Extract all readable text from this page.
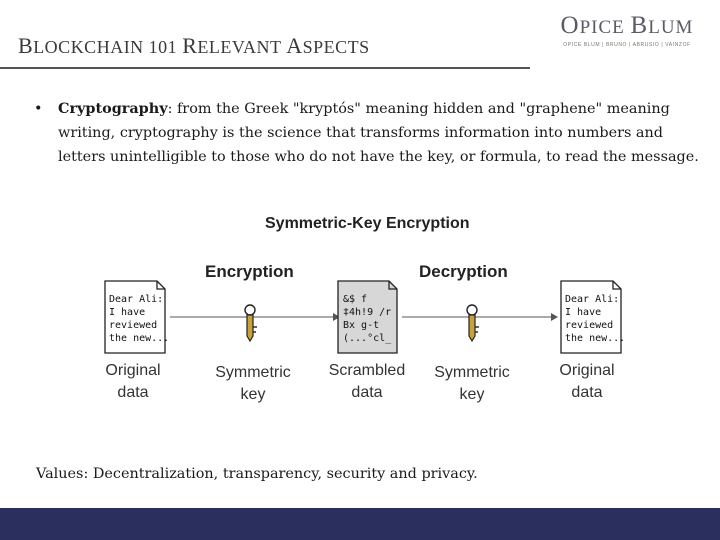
BLOCKCHAIN 101 RELEVANT ASPECTS
OPICE BLUM
OPICE BLUM | BRUNO | ABRUSIO | VAINZOF
• Cryptography: from the Greek "kryptós" meaning hidden and "graphene" meaning writing, cryptography is the science that transforms information into numbers and letters unintelligible to those who do not have the key, or formula, to read the message.
Symmetric-Key Encryption
Encryption	Decryption
Dear Ali:
I have
reviewed
the new...
&$ f
‡4h!9 /r
Bx g-t
(...°cl_
Dear Ali:
I have
reviewed
the new...
Original
data
Symmetric
key
Scrambled
data
Symmetric
key
Original
data
Values: Decentralization, transparency, security and privacy.
